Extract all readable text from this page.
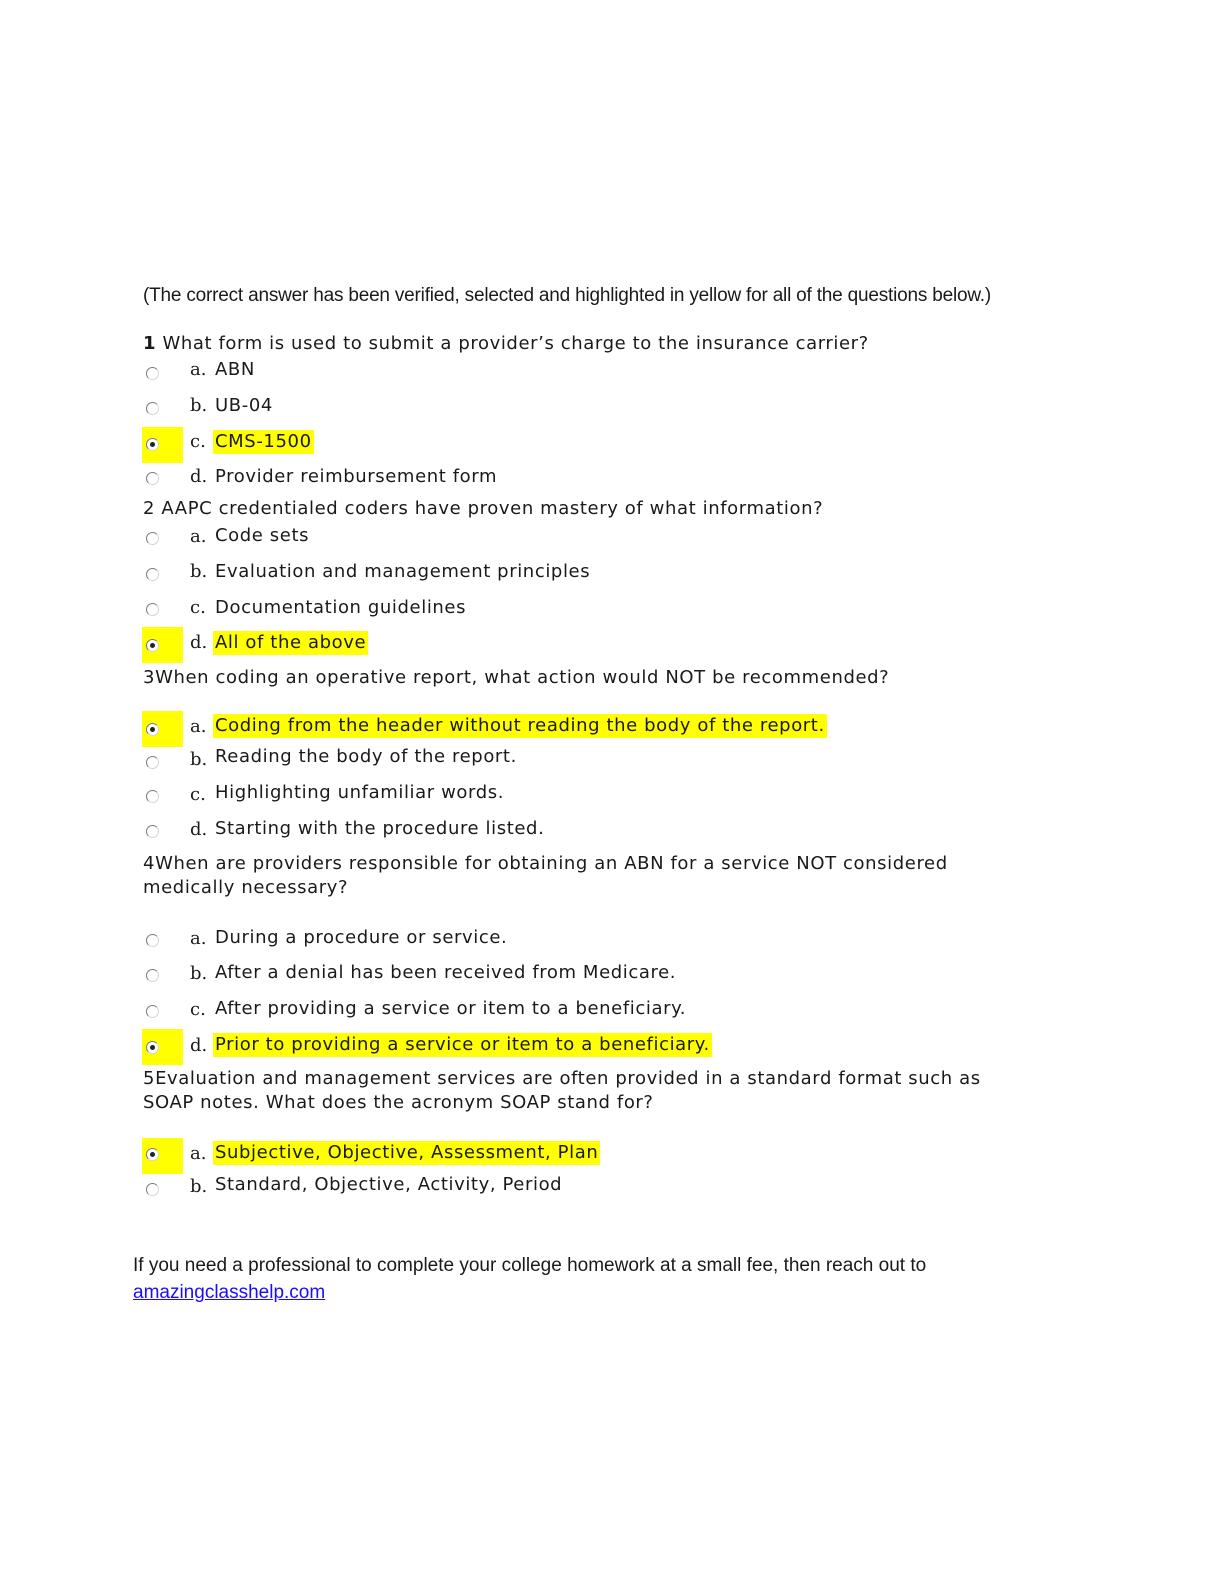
(The correct answer has been verified, selected and highlighted in yellow for all of the questions below.)
1 What form is used to submit a provider’s charge to the insurance carrier?
a. ABN
b. UB-04
c. CMS-1500
d. Provider reimbursement form
2 AAPC credentialed coders have proven mastery of what information?
a. Code sets
b. Evaluation and management principles
c. Documentation guidelines
d. All of the above
3When coding an operative report, what action would NOT be recommended?
a. Coding from the header without reading the body of the report.
b. Reading the body of the report.
c. Highlighting unfamiliar words.
d. Starting with the procedure listed.
4When are providers responsible for obtaining an ABN for a service NOT considered
medically necessary?
a. During a procedure or service.
b. After a denial has been received from Medicare.
c. After providing a service or item to a beneficiary.
d. Prior to providing a service or item to a beneficiary.
5Evaluation and management services are often provided in a standard format such as
SOAP notes. What does the acronym SOAP stand for?
a. Subjective, Objective, Assessment, Plan
b. Standard, Objective, Activity, Period
If you need a professional to complete your college homework at a small fee, then reach out to
amazingclasshelp.com
